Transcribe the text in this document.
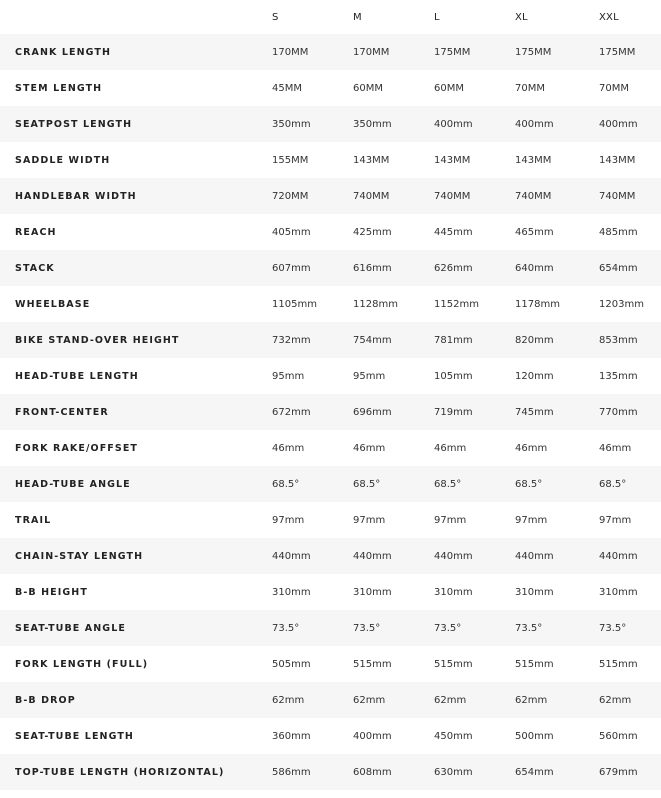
	S	M	L	XL	XXL
CRANK LENGTH	170MM	170MM	175MM	175MM	175MM
STEM LENGTH	45MM	60MM	60MM	70MM	70MM
SEATPOST LENGTH	350mm	350mm	400mm	400mm	400mm
SADDLE WIDTH	155MM	143MM	143MM	143MM	143MM
HANDLEBAR WIDTH	720MM	740MM	740MM	740MM	740MM
REACH	405mm	425mm	445mm	465mm	485mm
STACK	607mm	616mm	626mm	640mm	654mm
WHEELBASE	1105mm	1128mm	1152mm	1178mm	1203mm
BIKE STAND-OVER HEIGHT	732mm	754mm	781mm	820mm	853mm
HEAD-TUBE LENGTH	95mm	95mm	105mm	120mm	135mm
FRONT-CENTER	672mm	696mm	719mm	745mm	770mm
FORK RAKE/OFFSET	46mm	46mm	46mm	46mm	46mm
HEAD-TUBE ANGLE	68.5°	68.5°	68.5°	68.5°	68.5°
TRAIL	97mm	97mm	97mm	97mm	97mm
CHAIN-STAY LENGTH	440mm	440mm	440mm	440mm	440mm
B-B HEIGHT	310mm	310mm	310mm	310mm	310mm
SEAT-TUBE ANGLE	73.5°	73.5°	73.5°	73.5°	73.5°
FORK LENGTH (FULL)	505mm	515mm	515mm	515mm	515mm
B-B DROP	62mm	62mm	62mm	62mm	62mm
SEAT-TUBE LENGTH	360mm	400mm	450mm	500mm	560mm
TOP-TUBE LENGTH (HORIZONTAL)	586mm	608mm	630mm	654mm	679mm
